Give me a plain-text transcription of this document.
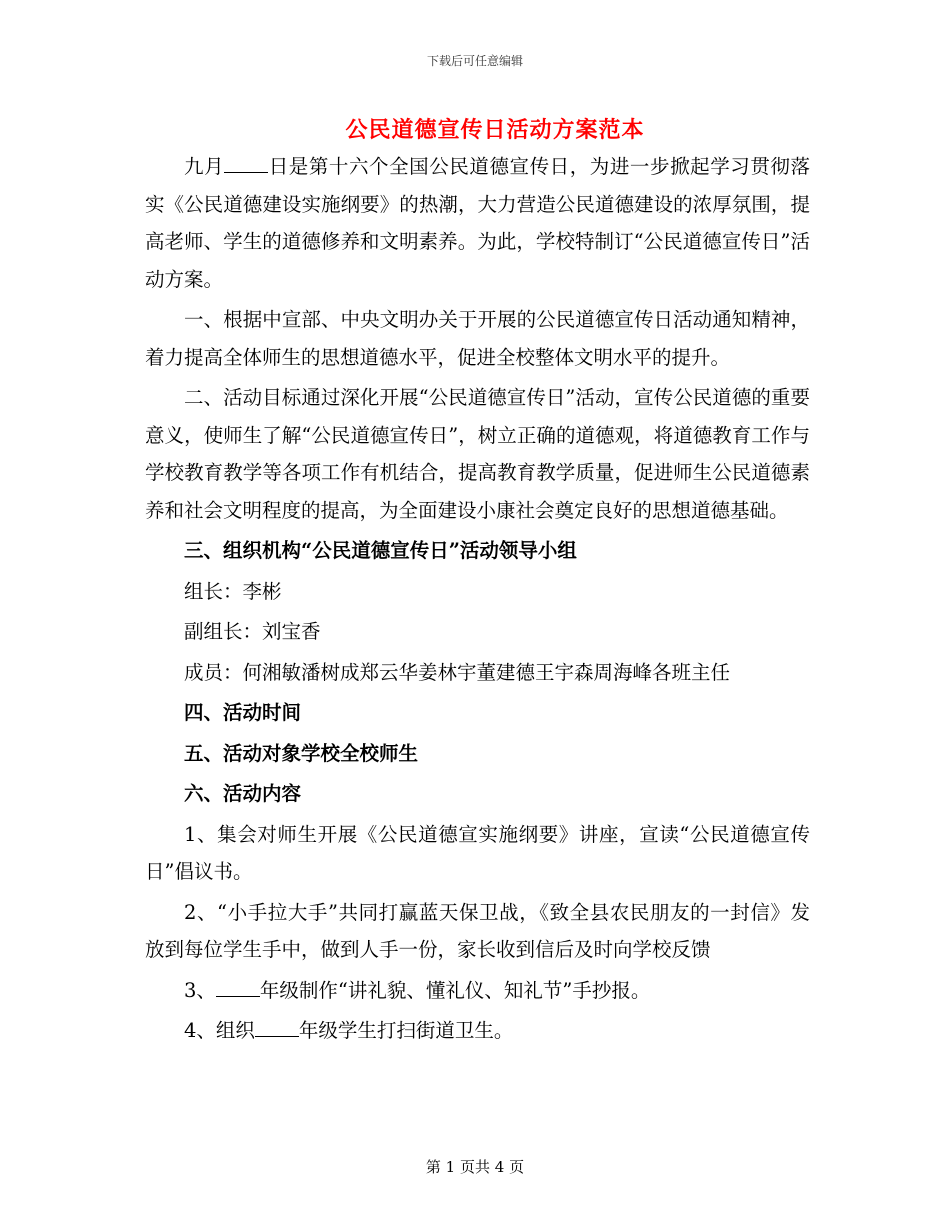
下载后可任意编辑
公民道德宣传日活动方案范本

九月 日是第十六个全国公民道德宣传日，为进一步掀起学习贯彻落实《公民道德建设实施纲要》的热潮，大力营造公民道德建设的浓厚氛围，提高老师、学生的道德修养和文明素养。为此，学校特制订“公民道德宣传日”活动方案。

一、根据中宣部、中央文明办关于开展的公民道德宣传日活动通知精神，着力提高全体师生的思想道德水平，促进全校整体文明水平的提升。

二、活动目标通过深化开展“公民道德宣传日”活动，宣传公民道德的重要意义，使师生了解“公民道德宣传日”，树立正确的道德观，将道德教育工作与学校教育教学等各项工作有机结合，提高教育教学质量，促进师生公民道德素养和社会文明程度的提高，为全面建设小康社会奠定良好的思想道德基础。

三、组织机构“公民道德宣传日”活动领导小组

组长：李彬

副组长：刘宝香

成员：何湘敏潘树成郑云华姜林宇董建德王宇森周海峰各班主任

四、活动时间

五、活动对象学校全校师生

六、活动内容

1、集会对师生开展《公民道德宣实施纲要》讲座，宣读“公民道德宣传日”倡议书。

2、“小手拉大手”共同打赢蓝天保卫战，《致全县农民朋友的一封信》发放到每位学生手中，做到人手一份，家长收到信后及时向学校反馈

3、 年级制作“讲礼貌、懂礼仪、知礼节”手抄报。

4、组织 年级学生打扫街道卫生。

第 1 页共 4 页
